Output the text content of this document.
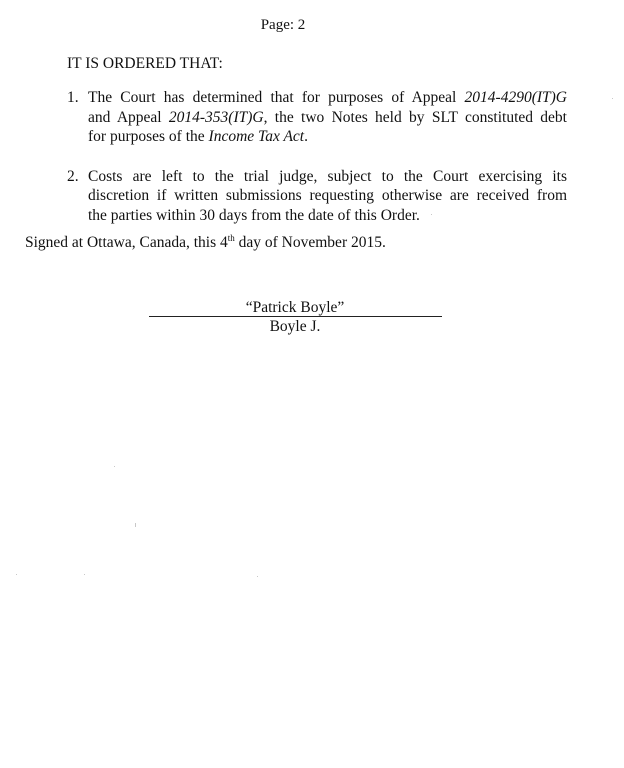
Page: 2
IT IS ORDERED THAT:
1. The Court has determined that for purposes of Appeal 2014-4290(IT)G
and Appeal 2014-353(IT)G, the two Notes held by SLT constituted debt
for purposes of the Income Tax Act.
2. Costs are left to the trial judge, subject to the Court exercising its
discretion if written submissions requesting otherwise are received from
the parties within 30 days from the date of this Order.
Signed at Ottawa, Canada, this 4th day of November 2015.
“Patrick Boyle”
Boyle J.
